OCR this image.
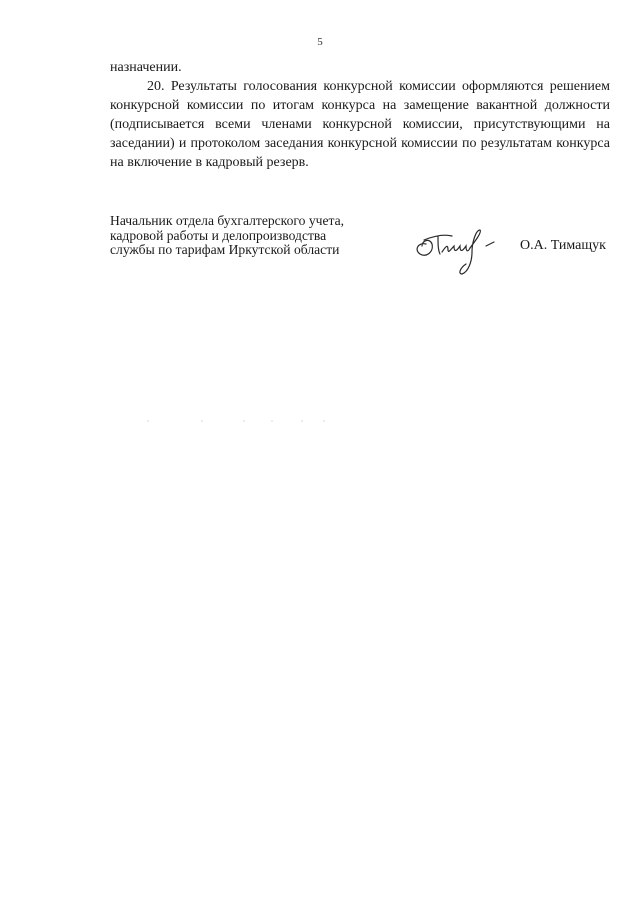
5

назначении.

20. Результаты голосования конкурсной комиссии оформляются решением конкурсной комиссии по итогам конкурса на замещение вакантной должности (подписывается всеми членами конкурсной комиссии, присутствующими на заседании) и протоколом заседания конкурсной комиссии по результатам конкурса на включение в кадровый резерв.

Начальник отдела бухгалтерского учета,
кадровой работы и делопроизводства
службы по тарифам Иркутской области	О.А. Тимащук
